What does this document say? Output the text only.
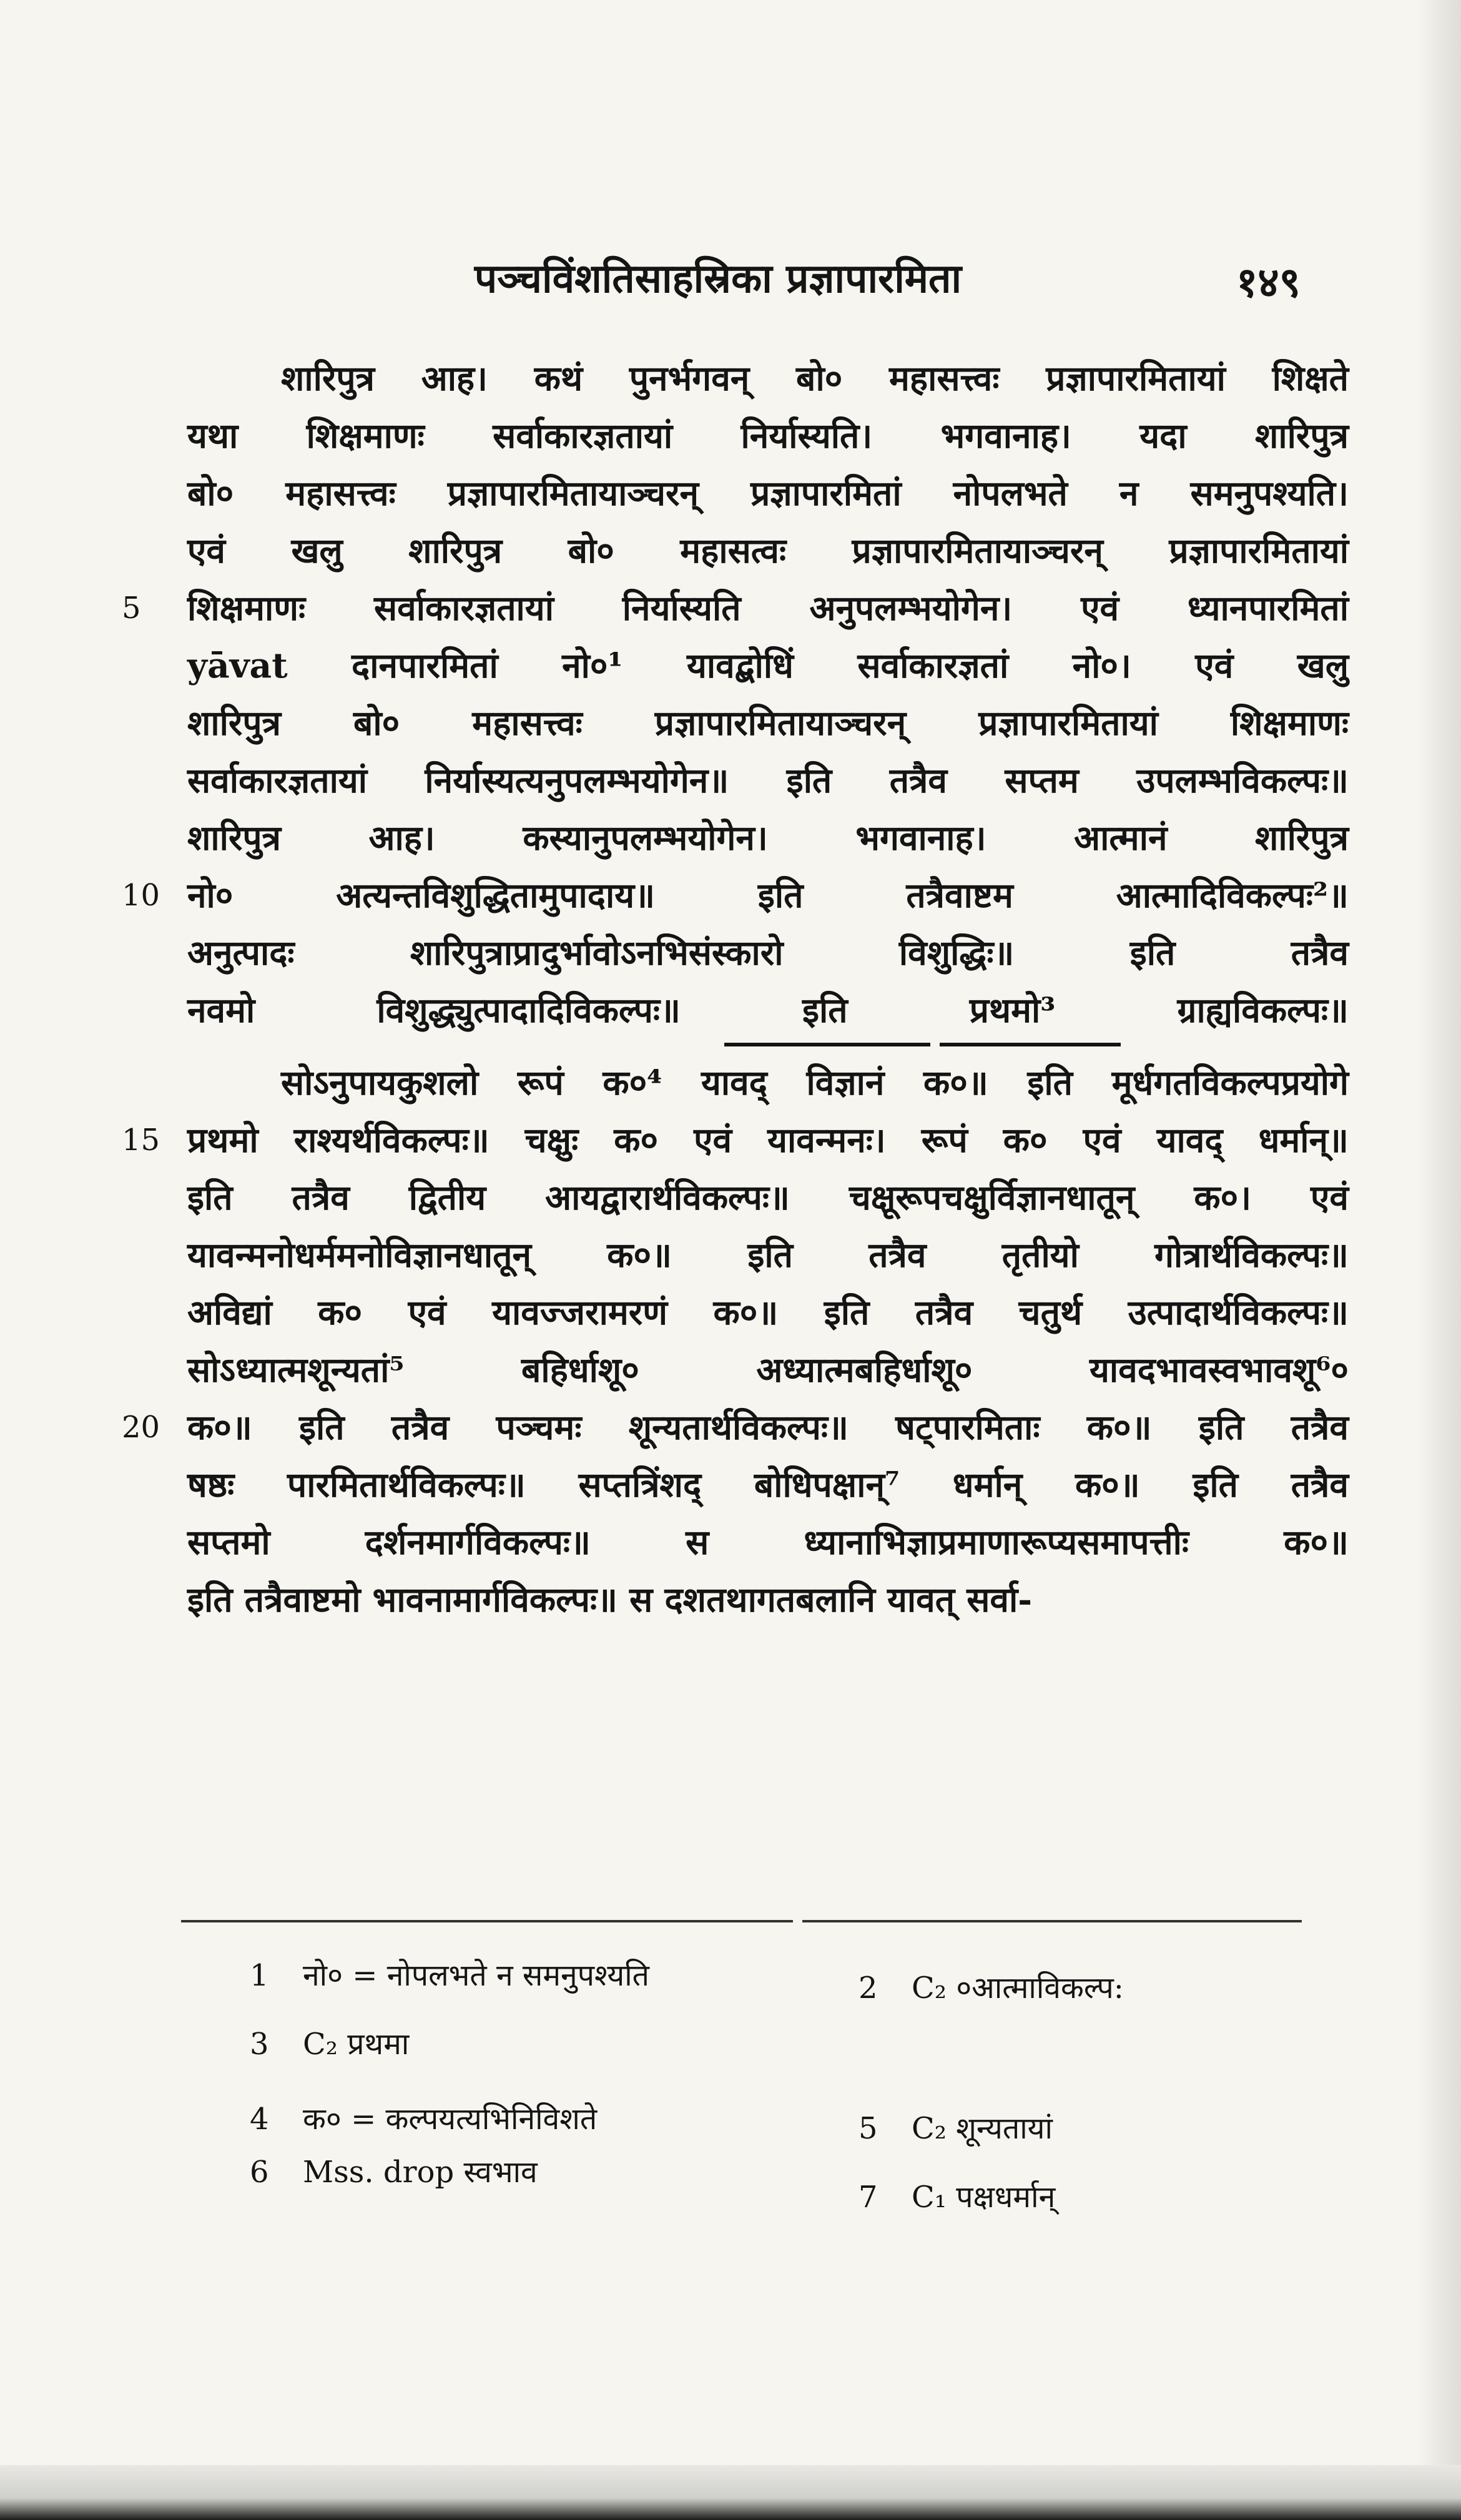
पञ्चविंशतिसाहस्रिका प्रज्ञापारमिता	१४९
शारिपुत्र आह। कथं पुनर्भगवन् बो० महासत्त्वः प्रज्ञापारमितायां शिक्षते
यथा शिक्षमाणः सर्वाकारज्ञतायां निर्यास्यति। भगवानाह। यदा शारिपुत्र
बो० महासत्त्वः प्रज्ञापारमितायाञ्चरन् प्रज्ञापारमितां नोपलभते न समनुपश्यति।
एवं खलु शारिपुत्र बो० महासत्वः प्रज्ञापारमितायाञ्चरन् प्रज्ञापारमितायां
5	शिक्षमाणः सर्वाकारज्ञतायां निर्यास्यति अनुपलम्भयोगेन। एवं ध्यानपारमितां
yāvat दानपारमितां नो०¹ यावद्बोधिं सर्वाकारज्ञतां नो०। एवं खलु
शारिपुत्र बो० महासत्त्वः प्रज्ञापारमितायाञ्चरन् प्रज्ञापारमितायां शिक्षमाणः
सर्वाकारज्ञतायां निर्यास्यत्यनुपलम्भयोगेन॥ इति तत्रैव सप्तम उपलम्भविकल्पः॥
शारिपुत्र आह। कस्यानुपलम्भयोगेन। भगवानाह। आत्मानं शारिपुत्र
10 नो० अत्यन्तविशुद्धितामुपादाय॥ इति तत्रैवाष्टम आत्मादिविकल्पः²॥
अनुत्पादः शारिपुत्राप्रादुर्भावोऽनभिसंस्कारो विशुद्धिः॥ इति तत्रैव
नवमो विशुद्ध्युत्पादादिविकल्पः॥ इति प्रथमो³ ग्राह्यविकल्पः॥
सोऽनुपायकुशलो रूपं क०⁴ यावद् विज्ञानं क०॥ इति मूर्धगतविकल्पप्रयोगे
15 प्रथमो राश्यर्थविकल्पः॥ चक्षुः क० एवं यावन्मनः। रूपं क० एवं यावद् धर्मान्॥
इति तत्रैव द्वितीय आयद्वारार्थविकल्पः॥ चक्षूरूपचक्षुर्विज्ञानधातून् क०। एवं
यावन्मनोधर्ममनोविज्ञानधातून् क०॥ इति तत्रैव तृतीयो गोत्रार्थविकल्पः॥
अविद्यां क० एवं यावज्जरामरणं क०॥ इति तत्रैव चतुर्थ उत्पादार्थविकल्पः॥
सोऽध्यात्मशून्यतां⁵ बहिर्धाशू० अध्यात्मबहिर्धाशू० यावदभावस्वभावशू⁶०
20 क०॥ इति तत्रैव पञ्चमः शून्यतार्थविकल्पः॥ षट्पारमिताः क०॥ इति तत्रैव
षष्ठः पारमितार्थविकल्पः॥ सप्तत्रिंशद् बोधिपक्षान्⁷ धर्मान् क०॥ इति तत्रैव
सप्तमो दर्शनमार्गविकल्पः॥ स ध्यानाभिज्ञाप्रमाणारूप्यसमापत्तीः क०॥
इति तत्रैवाष्टमो भावनामार्गविकल्पः॥ स दशतथागतबलानि यावत् सर्वा-
1 नो० = नोपलभते न समनुपश्यति	2 C₂ ०आत्माविकल्प:
3 C₂ प्रथमा
4 क० = कल्पयत्यभिनिविशते	5 C₂ शून्यतायां
6 Mss. drop स्वभाव
7 C₁ पक्षधर्मान्
